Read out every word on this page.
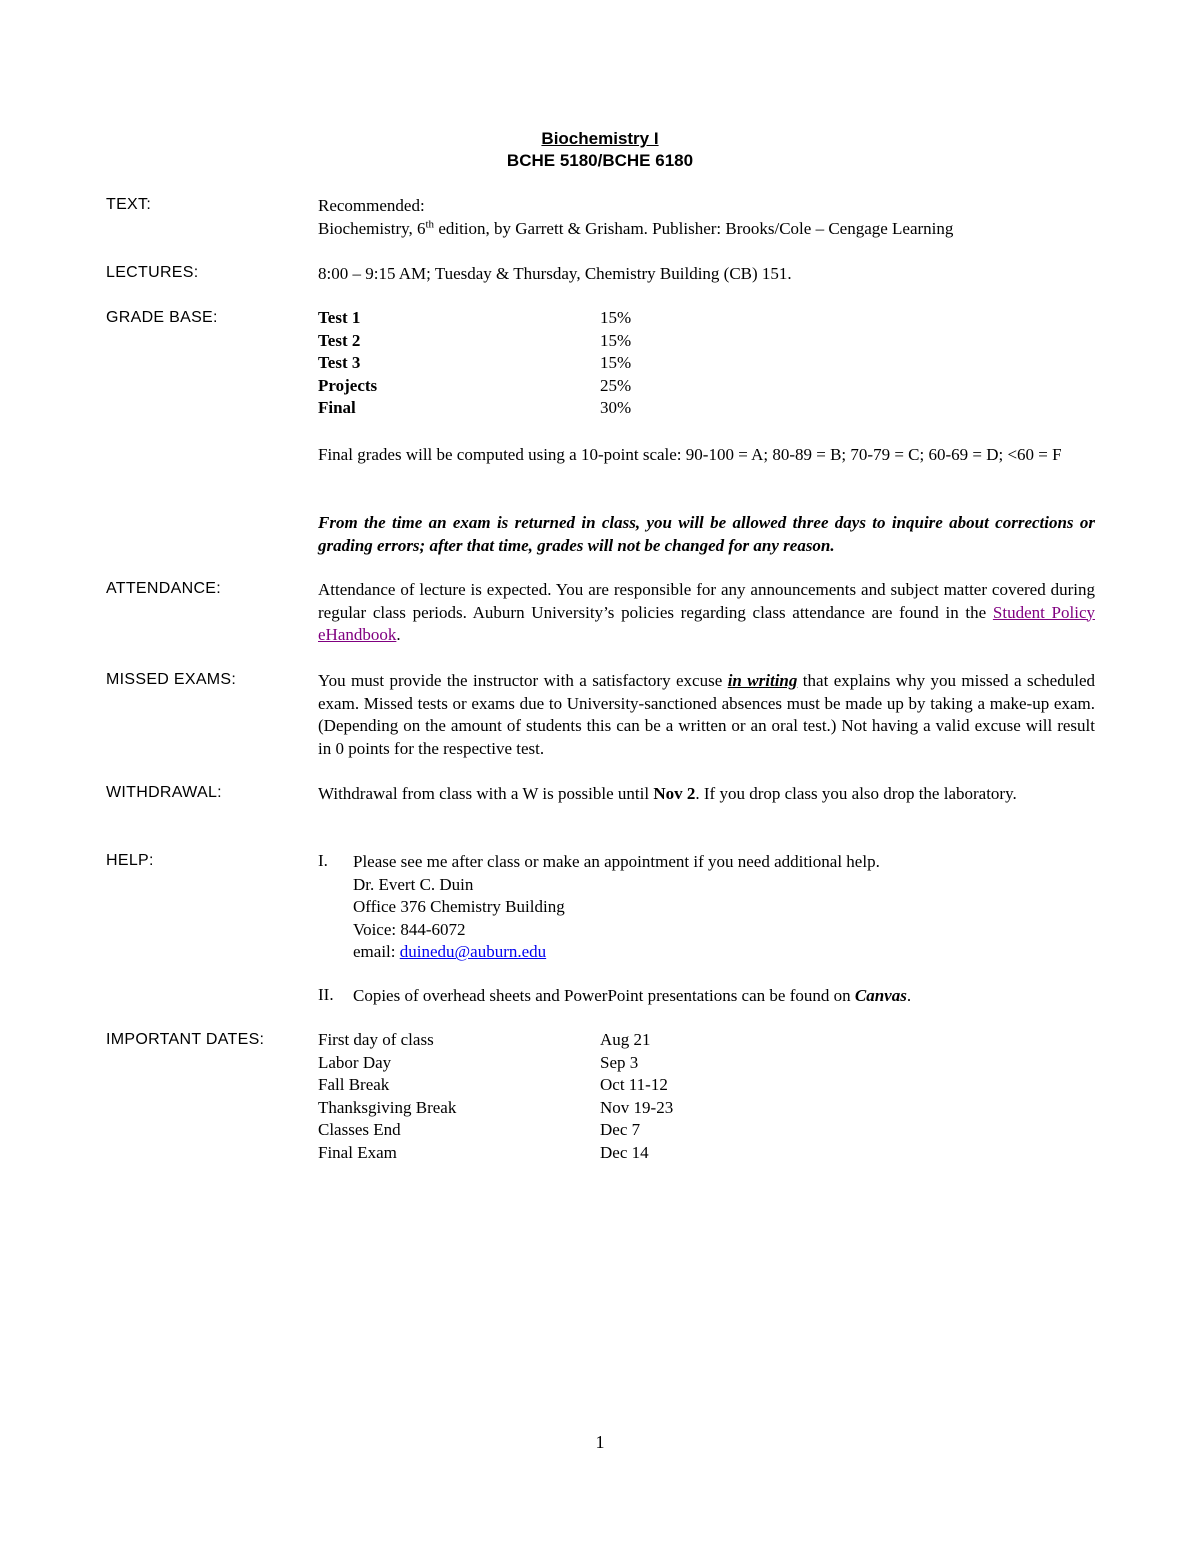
Biochemistry I
BCHE 5180/BCHE 6180
TEXT:	Recommended:
Biochemistry, 6th edition, by Garrett & Grisham. Publisher: Brooks/Cole – Cengage Learning
LECTURES:	8:00 – 9:15 AM; Tuesday & Thursday, Chemistry Building (CB) 151.
GRADE BASE:	Test 1	15%
Test 2	15%
Test 3	15%
Projects	25%
Final	30%
Final grades will be computed using a 10-point scale: 90-100 = A; 80-89 = B; 70-79 = C; 60-69 = D; <60 = F
From the time an exam is returned in class, you will be allowed three days to inquire about corrections or grading errors; after that time, grades will not be changed for any reason.
ATTENDANCE:	Attendance of lecture is expected. You are responsible for any announcements and subject matter covered during regular class periods. Auburn University’s policies regarding class attendance are found in the Student Policy eHandbook.
MISSED EXAMS:	You must provide the instructor with a satisfactory excuse in writing that explains why you missed a scheduled exam. Missed tests or exams due to University-sanctioned absences must be made up by taking a make-up exam. (Depending on the amount of students this can be a written or an oral test.) Not having a valid excuse will result in 0 points for the respective test.
WITHDRAWAL:	Withdrawal from class with a W is possible until Nov 2. If you drop class you also drop the laboratory.
HELP:	I. Please see me after class or make an appointment if you need additional help.
Dr. Evert C. Duin
Office 376 Chemistry Building
Voice: 844-6072
email: duinedu@auburn.edu
II. Copies of overhead sheets and PowerPoint presentations can be found on Canvas.
IMPORTANT DATES:	First day of class	Aug 21
Labor Day	Sep 3
Fall Break	Oct 11-12
Thanksgiving Break	Nov 19-23
Classes End	Dec 7
Final Exam	Dec 14
1
